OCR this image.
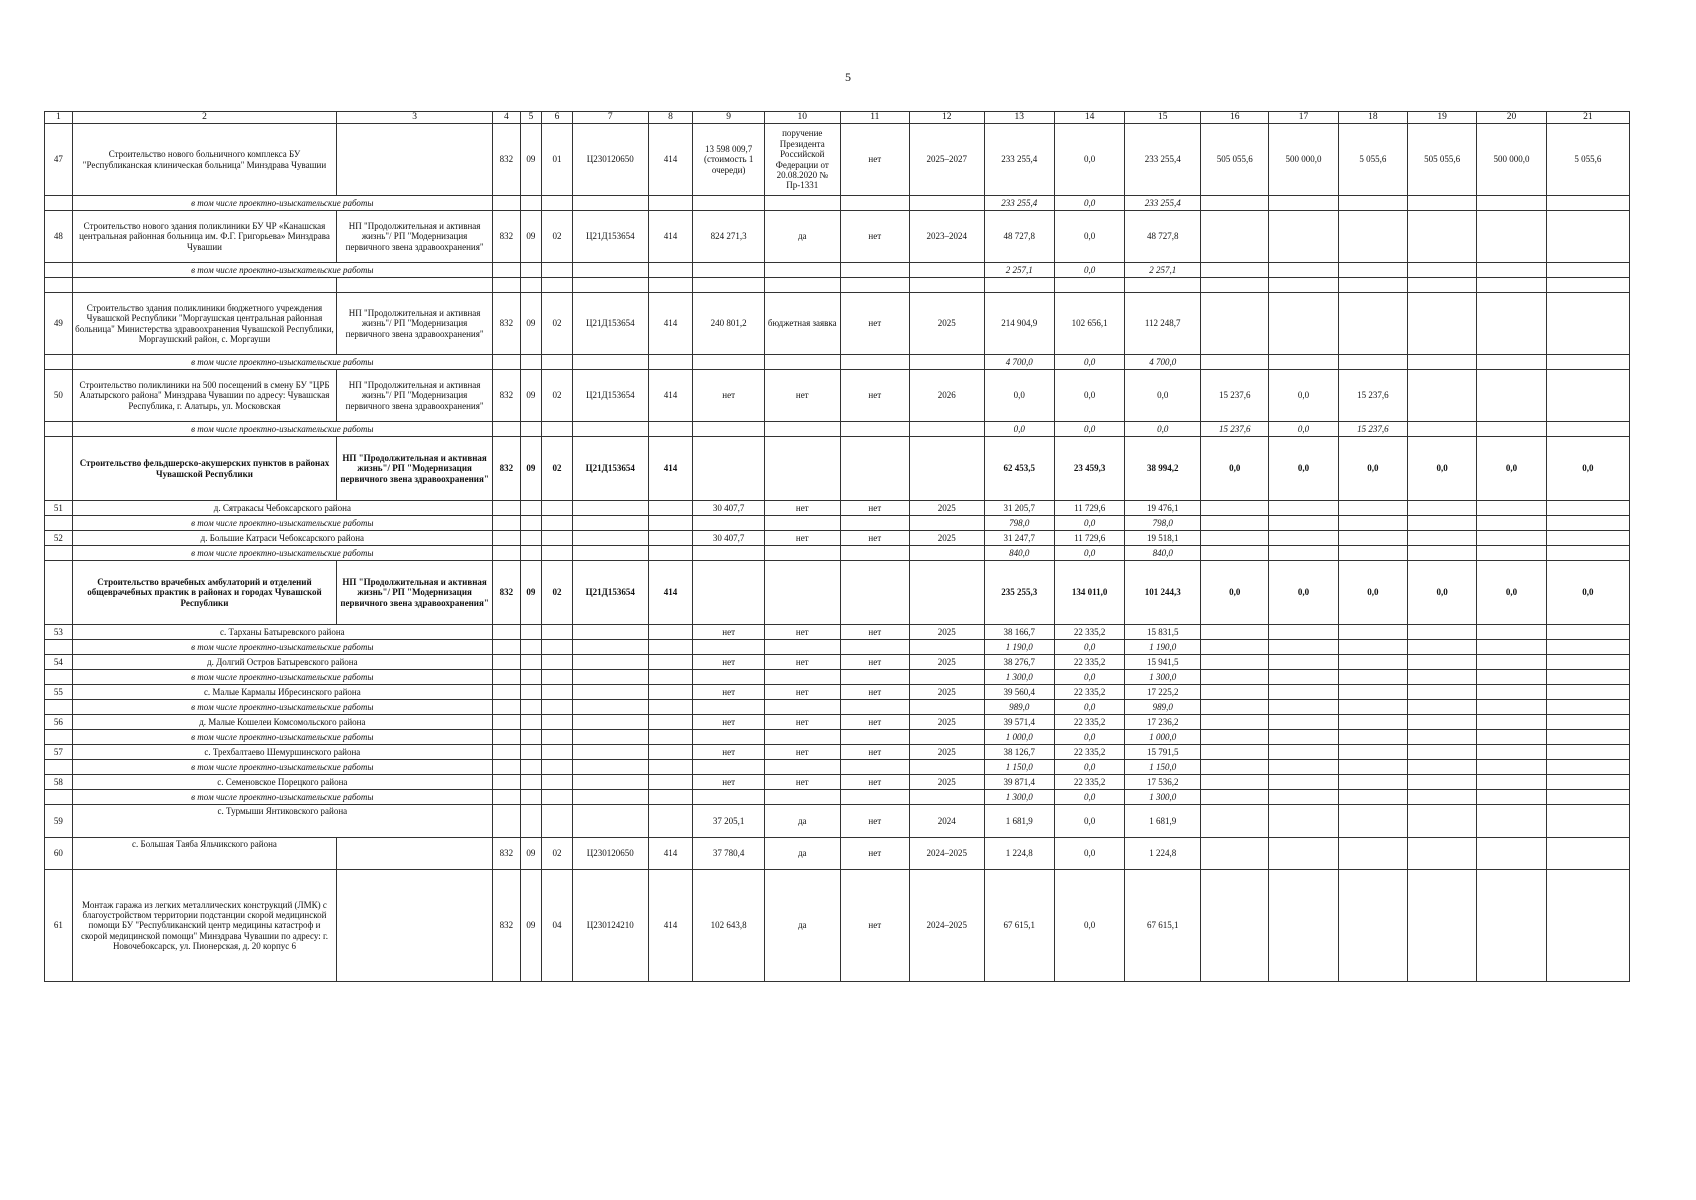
5
1	2	3	4	5	6	7	8	9	10	11	12	13	14	15	16	17	18	19	20	21
47	Строительство нового больничного комплекса БУ "Республиканская клиническая больница" Минздрава Чувашии		832	09	01	Ц230120650	414	13 598 009,7 (стоимость 1 очереди)	поручение Президента Российской Федерации от 20.08.2020 № Пр-1331	нет	2025–2027	233 255,4	0,0	233 255,4	505 055,6	500 000,0	5 055,6	505 055,6	500 000,0	5 055,6
	в том числе проектно-изыскательские работы											233 255,4	0,0	233 255,4						
48	Строительство нового здания поликлиники БУ ЧР «Канашская центральная районная больница им. Ф.Г. Григорьева» Минздрава Чувашии	НП "Продолжительная и активная жизнь"/ РП "Модернизация первичного звена здравоохранения"	832	09	02	Ц21Д153654	414	824 271,3	да	нет	2023–2024	48 727,8	0,0	48 727,8						
	в том числе проектно-изыскательские работы											2 257,1	0,0	2 257,1						

49	Строительство здания поликлиники бюджетного учреждения Чувашской Республики "Моргаушская центральная районная больница" Министерства здравоохранения Чувашской Республики, Моргаушский район, с. Моргауши	НП "Продолжительная и активная жизнь"/ РП "Модернизация первичного звена здравоохранения"	832	09	02	Ц21Д153654	414	240 801,2	бюджетная заявка	нет	2025	214 904,9	102 656,1	112 248,7						
	в том числе проектно-изыскательские работы											4 700,0	0,0	4 700,0						
50	Строительство поликлиники на 500 посещений в смену БУ "ЦРБ Алатырского района" Минздрава Чувашии по адресу: Чувашская Республика, г. Алатырь, ул. Московская	НП "Продолжительная и активная жизнь"/ РП "Модернизация первичного звена здравоохранения"	832	09	02	Ц21Д153654	414	нет	нет	нет	2026	0,0	0,0	0,0	15 237,6	0,0	15 237,6			
	в том числе проектно-изыскательские работы											0,0	0,0	0,0	15 237,6	0,0	15 237,6			
	Строительство фельдшерско-акушерских пунктов в районах Чувашской Республики	НП "Продолжительная и активная жизнь"/ РП "Модернизация первичного звена здравоохранения"	832	09	02	Ц21Д153654	414					62 453,5	23 459,3	38 994,2	0,0	0,0	0,0	0,0	0,0	0,0
51	д. Сятракасы Чебоксарского района							30 407,7	нет	нет	2025	31 205,7	11 729,6	19 476,1						
	в том числе проектно-изыскательские работы											798,0	0,0	798,0						
52	д. Большие Катраси Чебоксарского района							30 407,7	нет	нет	2025	31 247,7	11 729,6	19 518,1						
	в том числе проектно-изыскательские работы											840,0	0,0	840,0						
	Строительство врачебных амбулаторий и отделений общеврачебных практик в районах и городах Чувашской Республики	НП "Продолжительная и активная жизнь"/ РП "Модернизация первичного звена здравоохранения"	832	09	02	Ц21Д153654	414					235 255,3	134 011,0	101 244,3	0,0	0,0	0,0	0,0	0,0	0,0
53	с. Тарханы Батыревского района							нет	нет	нет	2025	38 166,7	22 335,2	15 831,5						
	в том числе проектно-изыскательские работы											1 190,0	0,0	1 190,0						
54	д. Долгий Остров Батыревского района							нет	нет	нет	2025	38 276,7	22 335,2	15 941,5						
	в том числе проектно-изыскательские работы											1 300,0	0,0	1 300,0						
55	с. Малые Кармалы Ибресинского района							нет	нет	нет	2025	39 560,4	22 335,2	17 225,2						
	в том числе проектно-изыскательские работы											989,0	0,0	989,0						
56	д. Малые Кошелеи Комсомольского района							нет	нет	нет	2025	39 571,4	22 335,2	17 236,2						
	в том числе проектно-изыскательские работы											1 000,0	0,0	1 000,0						
57	с. Трехбалтаево Шемуршинского района							нет	нет	нет	2025	38 126,7	22 335,2	15 791,5						
	в том числе проектно-изыскательские работы											1 150,0	0,0	1 150,0						
58	с. Семеновское Порецкого района							нет	нет	нет	2025	39 871,4	22 335,2	17 536,2						
	в том числе проектно-изыскательские работы											1 300,0	0,0	1 300,0						
59	с. Турмыши Янтиковского района							37 205,1	да	нет	2024	1 681,9	0,0	1 681,9						
60	с. Большая Таяба Яльчикского района		832	09	02	Ц230120650	414	37 780,4	да	нет	2024–2025	1 224,8	0,0	1 224,8						
61	Монтаж гаража из легких металлических конструкций (ЛМК) с благоустройством территории подстанции скорой медицинской помощи БУ "Республиканский центр медицины катастроф и скорой медицинской помощи" Минздрава Чувашии по адресу: г. Новочебоксарск, ул. Пионерская, д. 20 корпус 6		832	09	04	Ц230124210	414	102 643,8	да	нет	2024–2025	67 615,1	0,0	67 615,1						
